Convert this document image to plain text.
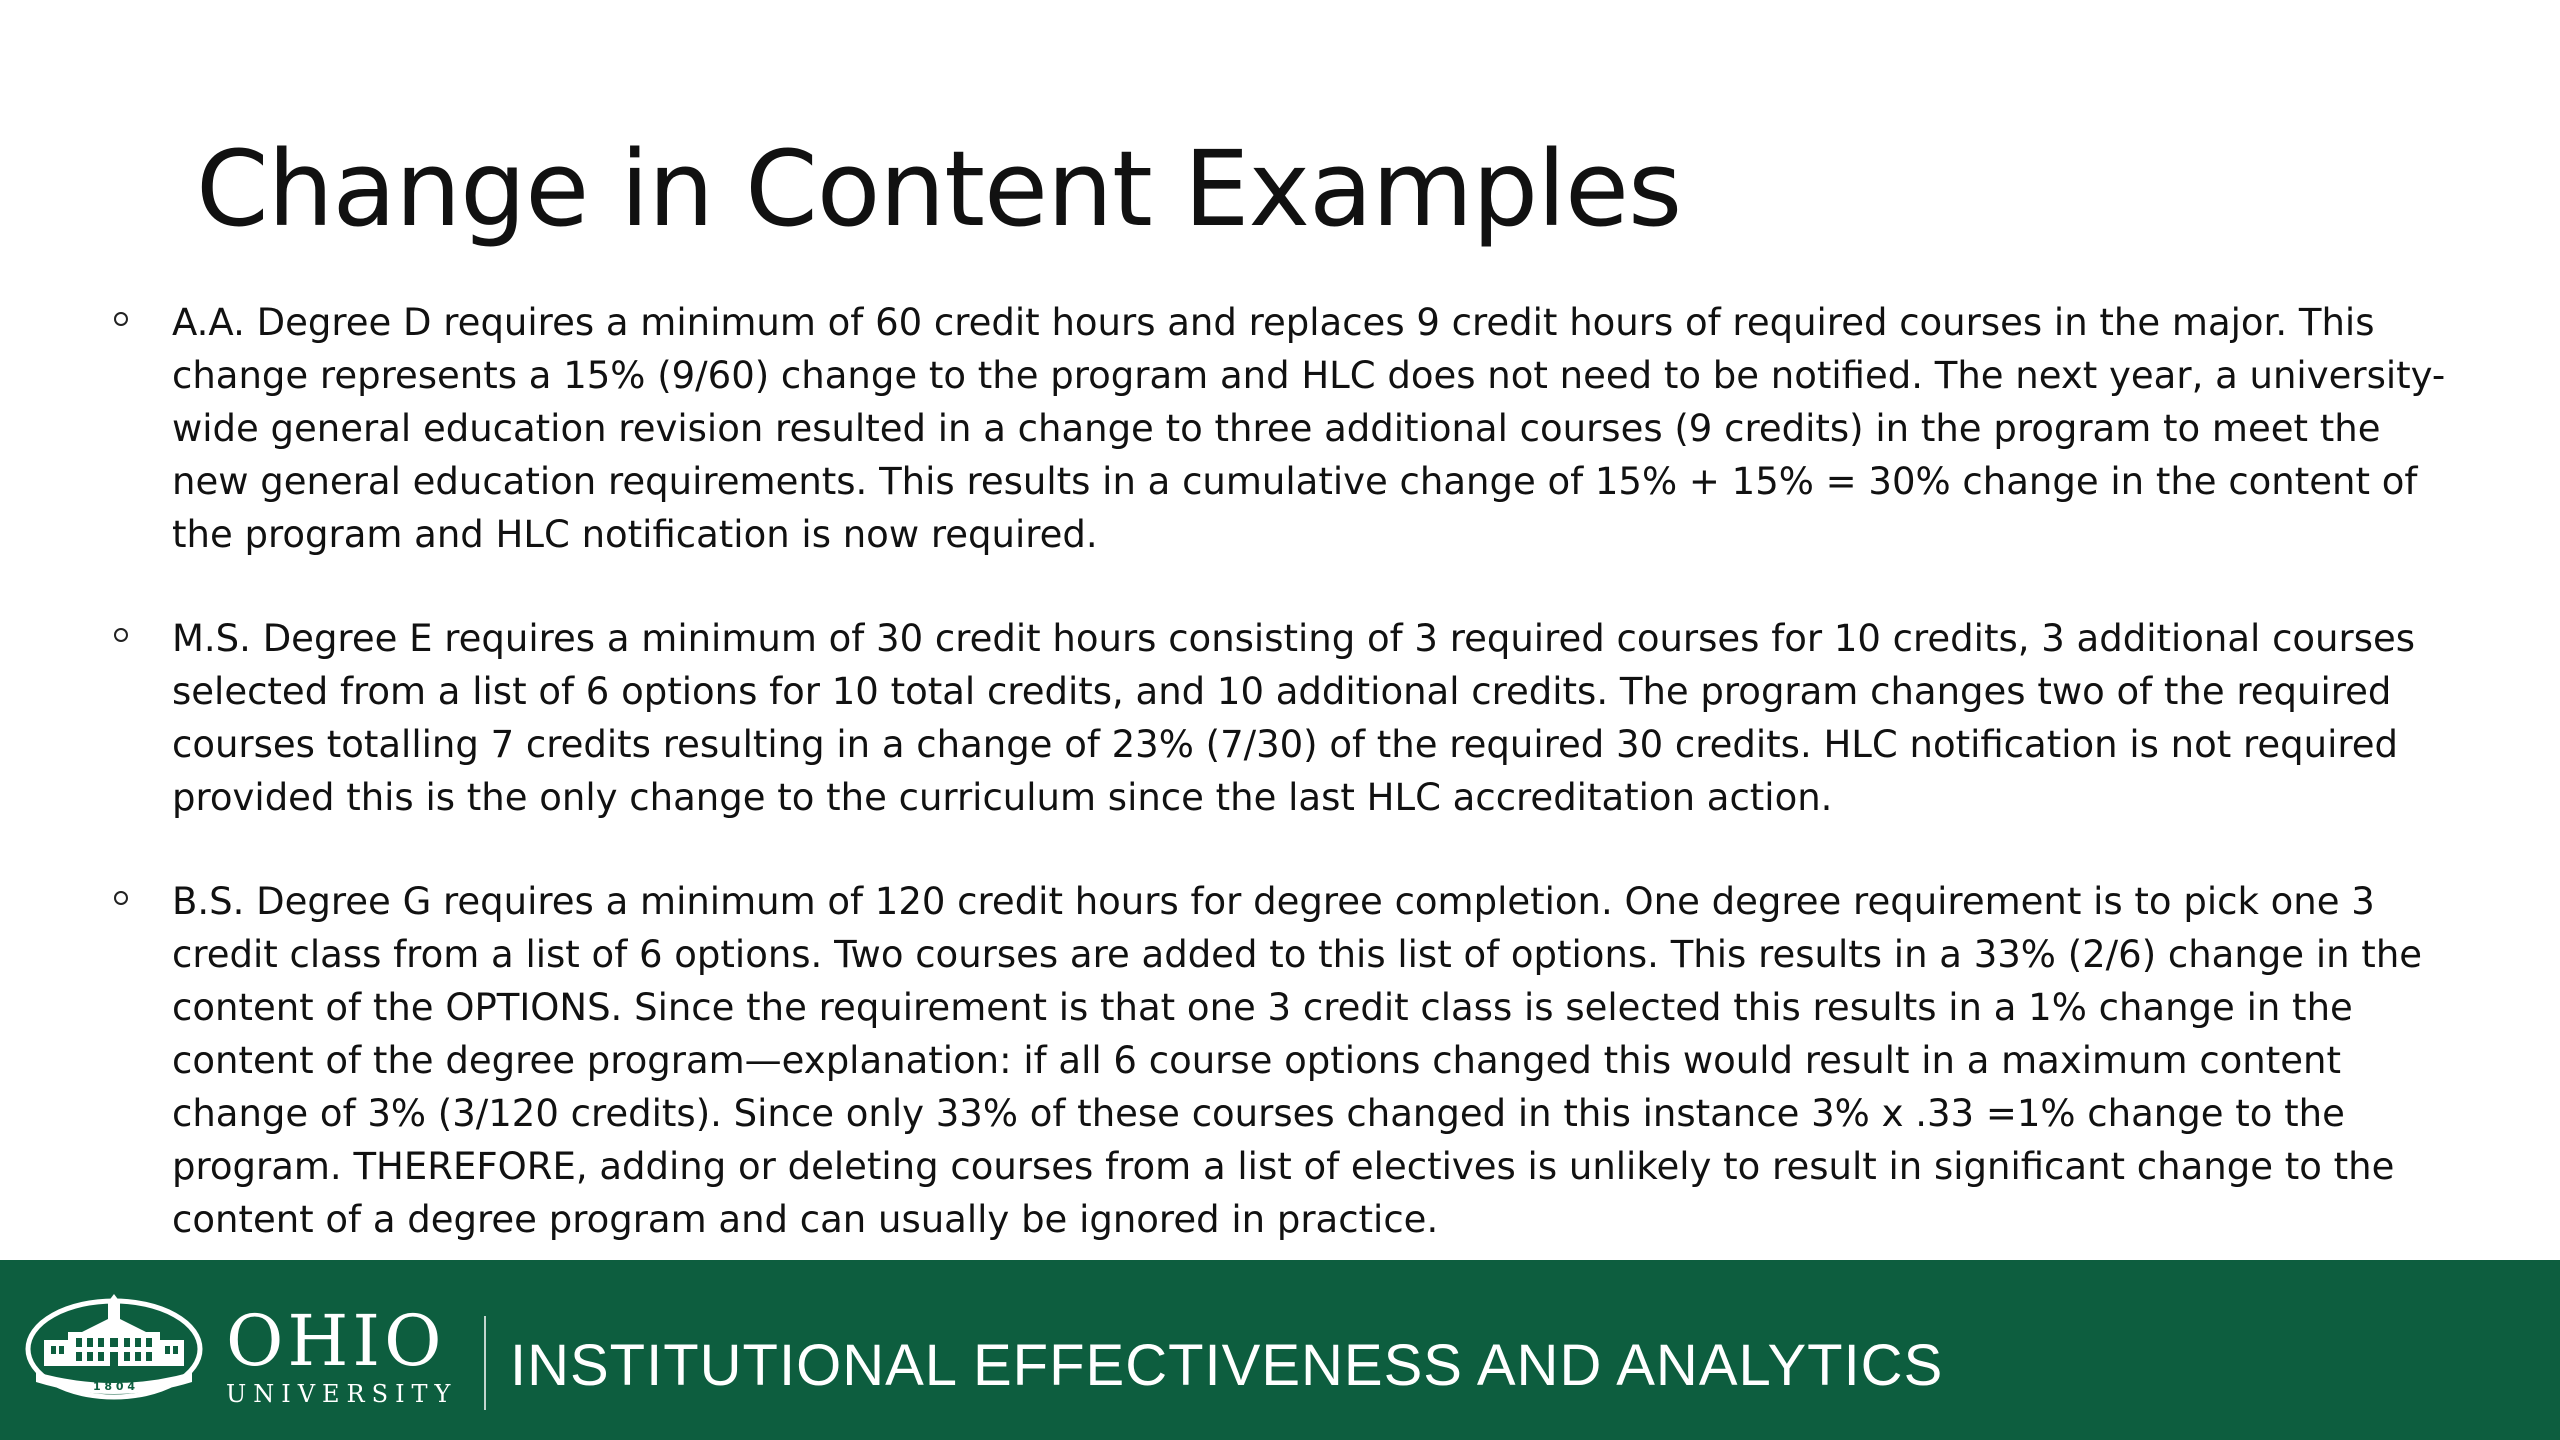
Change in Content Examples

A.A. Degree D requires a minimum of 60 credit hours and replaces 9 credit hours of required courses in the major. This change represents a 15% (9/60) change to the program and HLC does not need to be notified. The next year, a university-wide general education revision resulted in a change to three additional courses (9 credits) in the program to meet the new general education requirements. This results in a cumulative change of 15% + 15% = 30% change in the content of the program and HLC notification is now required.

M.S. Degree E requires a minimum of 30 credit hours consisting of 3 required courses for 10 credits, 3 additional courses selected from a list of 6 options for 10 total credits, and 10 additional credits. The program changes two of the required courses totalling 7 credits resulting in a change of 23% (7/30) of the required 30 credits. HLC notification is not required provided this is the only change to the curriculum since the last HLC accreditation action.

B.S. Degree G requires a minimum of 120 credit hours for degree completion. One degree requirement is to pick one 3 credit class from a list of 6 options. Two courses are added to this list of options. This results in a 33% (2/6) change in the content of the OPTIONS. Since the requirement is that one 3 credit class is selected this results in a 1% change in the content of the degree program—explanation: if all 6 course options changed this would result in a maximum content change of 3% (3/120 credits). Since only 33% of these courses changed in this instance 3% x .33 =1% change to the program. THEREFORE, adding or deleting courses from a list of electives is unlikely to result in significant change to the content of a degree program and can usually be ignored in practice.

1 8 0 4
OHIO
UNIVERSITY INSTITUTIONAL EFFECTIVENESS AND ANALYTICS
